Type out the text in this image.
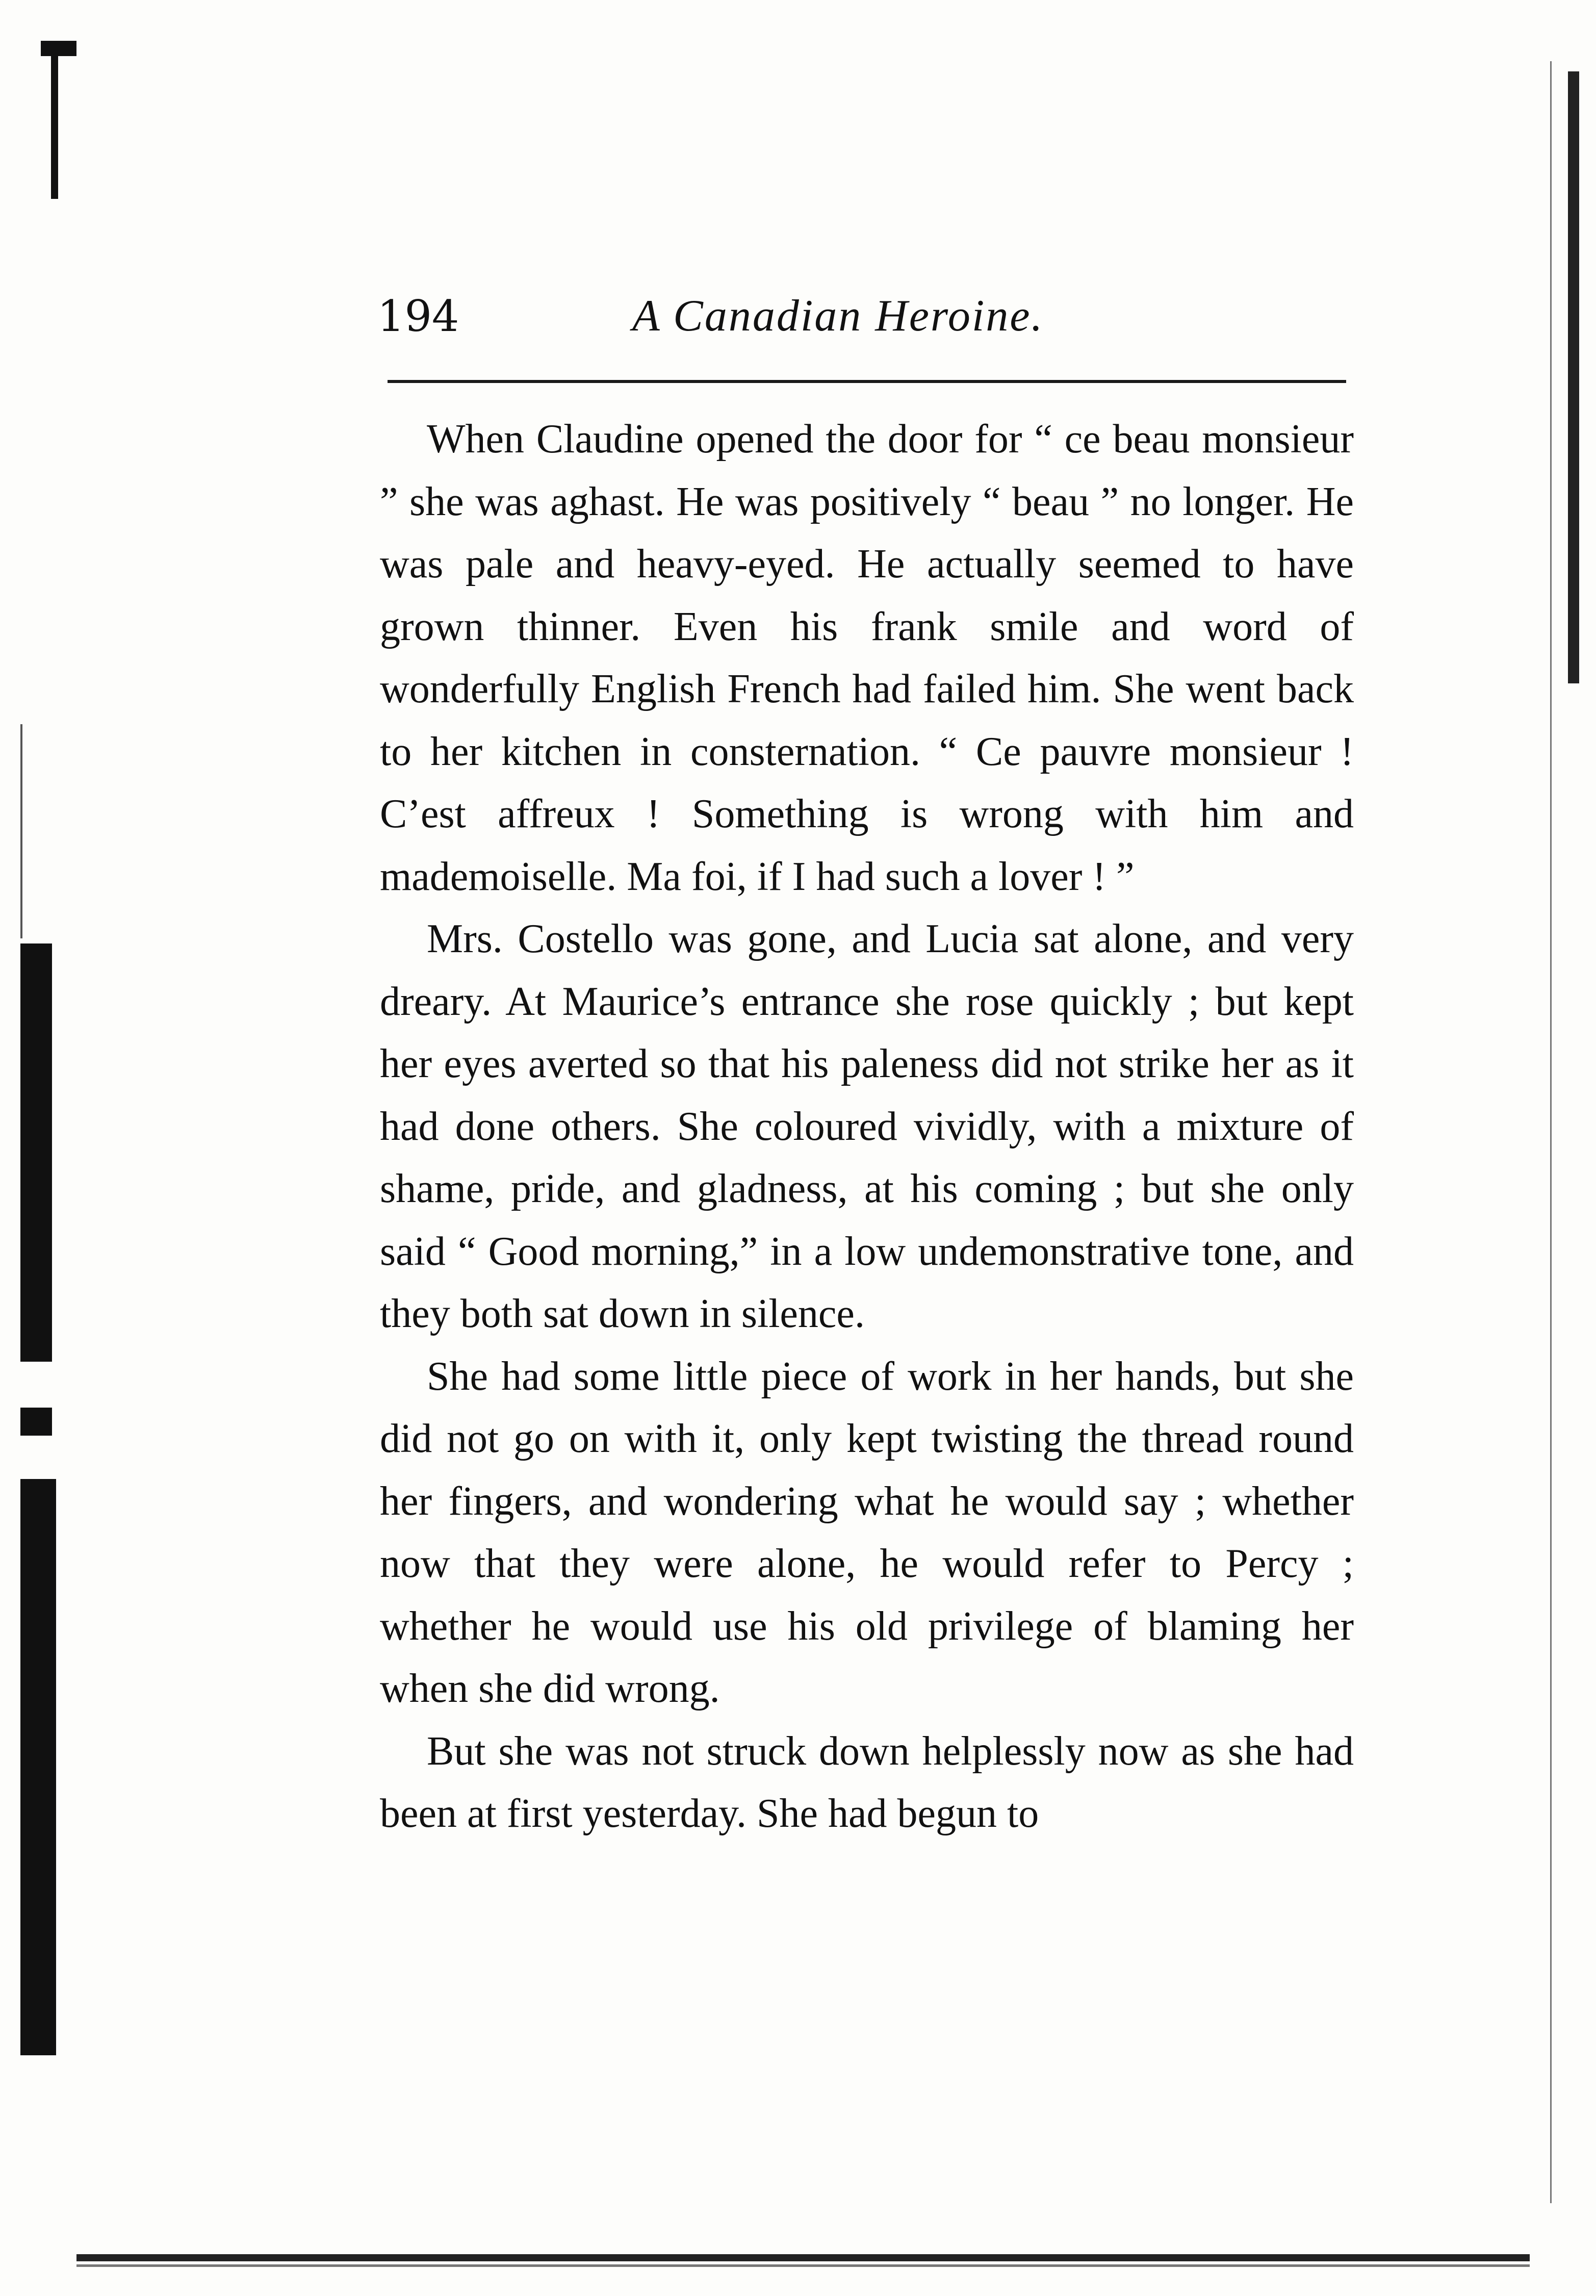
194	A Canadian Heroine.

When Claudine opened the door for “ ce beau monsieur ” she was aghast. He was positively “ beau ” no longer. He was pale and heavy-eyed. He actually seemed to have grown thinner. Even his frank smile and word of wonderfully English French had failed him. She went back to her kitchen in consternation. “ Ce pauvre monsieur ! C’est affreux ! Something is wrong with him and mademoiselle. Ma foi, if I had such a lover ! ”

Mrs. Costello was gone, and Lucia sat alone, and very dreary. At Maurice’s entrance she rose quickly ; but kept her eyes averted so that his paleness did not strike her as it had done others. She coloured vividly, with a mixture of shame, pride, and gladness, at his coming ; but she only said “ Good morning,” in a low undemonstrative tone, and they both sat down in silence.

She had some little piece of work in her hands, but she did not go on with it, only kept twisting the thread round her fingers, and wondering what he would say ; whether now that they were alone, he would refer to Percy ; whether he would use his old privilege of blaming her when she did wrong.

But she was not struck down helplessly now as she had been at first yesterday. She had begun to
